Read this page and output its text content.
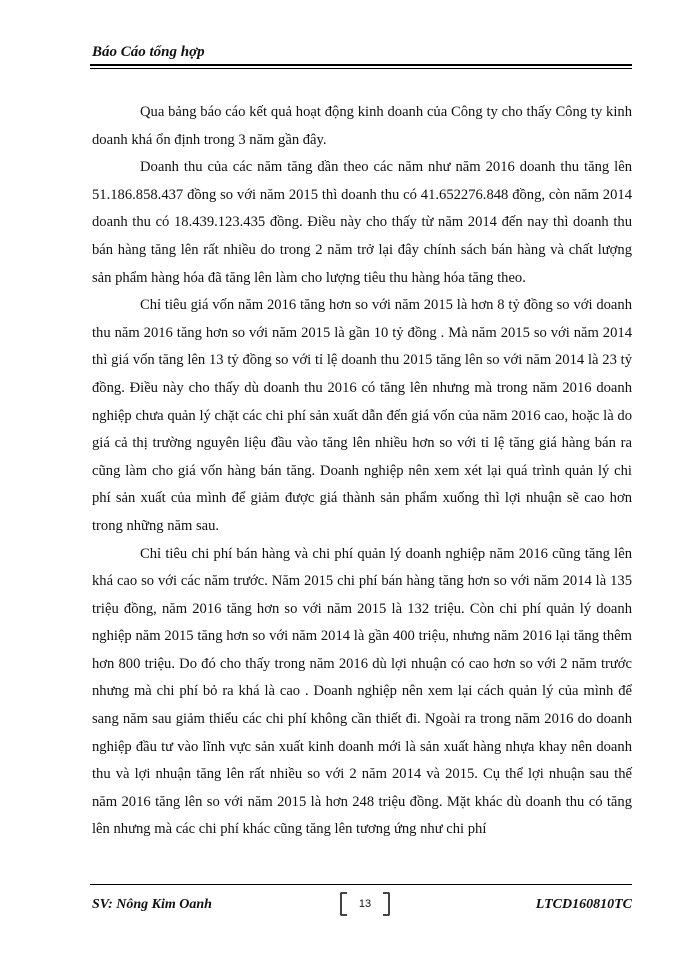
Báo Cáo tổng hợp

Qua bảng báo cáo kết quả hoạt động kinh doanh của Công ty cho thấy Công ty kinh doanh khá ổn định trong 3 năm gần đây.

Doanh thu của các năm tăng dần theo các năm như năm 2016 doanh thu tăng lên 51.186.858.437 đồng so với năm 2015 thì doanh thu có 41.652276.848 đồng, còn năm 2014 doanh thu có 18.439.123.435 đồng. Điều này cho thấy từ năm 2014 đến nay thì doanh thu bán hàng tăng lên rất nhiều do trong 2 năm trở lại đây chính sách bán hàng và chất lượng sản phẩm hàng hóa đã tăng lên làm cho lượng tiêu thu hàng hóa tăng theo.

Chỉ tiêu giá vốn năm 2016 tăng hơn so với năm 2015 là hơn 8 tỷ đồng so với doanh thu năm 2016 tăng hơn so với năm 2015 là gần 10 tỷ đồng . Mà năm 2015 so với năm 2014 thì giá vốn tăng lên 13 tỷ đồng so với tỉ lệ doanh thu 2015 tăng lên so với năm 2014 là 23 tỷ đồng. Điều này cho thấy dù doanh thu 2016 có tăng lên nhưng mà trong năm 2016 doanh nghiệp chưa quản lý chặt các chi phí sản xuất dẫn đến giá vốn của năm 2016 cao, hoặc là do giá cả thị trường nguyên liệu đầu vào tăng lên nhiều hơn so với tỉ lệ tăng giá hàng bán ra cũng làm cho giá vốn hàng bán tăng. Doanh nghiệp nên xem xét lại quá trình quản lý chi phí sản xuất của mình để giảm được giá thành sản phẩm xuống thì lợi nhuận sẽ cao hơn trong những năm sau.

Chỉ tiêu chi phí bán hàng và chi phí quản lý doanh nghiệp năm 2016 cũng tăng lên khá cao so với các năm trước. Năm 2015 chi phí bán hàng tăng hơn so với năm 2014 là 135 triệu đồng, năm 2016 tăng hơn so với năm 2015 là 132 triệu. Còn chi phí quản lý doanh nghiệp năm 2015 tăng hơn so với năm 2014 là gần 400 triệu, nhưng năm 2016 lại tăng thêm hơn 800 triệu. Do đó cho thấy trong năm 2016 dù lợi nhuận có cao hơn so với 2 năm trước nhưng mà chi phí bỏ ra khá là cao . Doanh nghiệp nên xem lại cách quản lý của mình để sang năm sau giảm thiểu các chi phí không cần thiết đi. Ngoài ra trong năm 2016 do doanh nghiệp đầu tư vào lĩnh vực sản xuất kinh doanh mới là sản xuất hàng nhựa khay nên doanh thu và lợi nhuận tăng lên rất nhiều so với 2 năm 2014 và 2015. Cụ thể lợi nhuận sau thế năm 2016 tăng lên so với năm 2015 là hơn 248 triệu đồng. Mặt khác dù doanh thu có tăng lên nhưng mà các chi phí khác cũng tăng lên tương ứng như chi phí

SV: Nông Kim Oanh	13	LTCD160810TC
